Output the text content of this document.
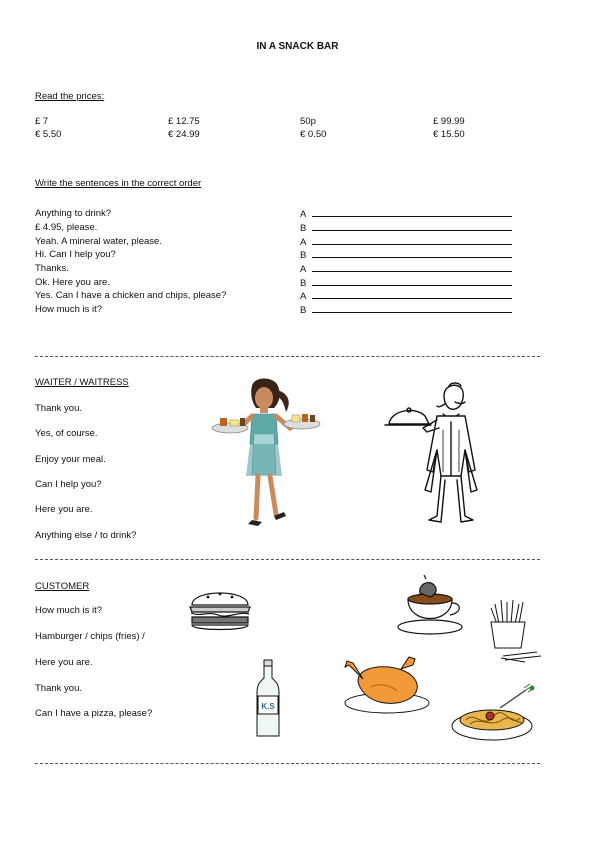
IN A SNACK BAR
Read the prices:
£ 7	£ 12.75	50p	£ 99.99
€ 5.50	€ 24.99	€ 0.50	€ 15.50
Write the sentences in the correct order
Anything to drink?
£ 4.95, please.
Yeah. A mineral water, please.
Hi. Can I help you?
Thanks.
Ok. Here you are.
Yes. Can I have a chicken and chips, please?
How much is it?
A
B
A
B
A
B
A
B
WAITER / WAITRESS
Thank you.
Yes, of course.
Enjoy your meal.
Can I help you?
Here you are.
Anything else / to drink?
CUSTOMER
How much is it?
Hamburger / chips (fries) /
Here you are.
Thank you.
Can I have a pizza, please?
K.S
